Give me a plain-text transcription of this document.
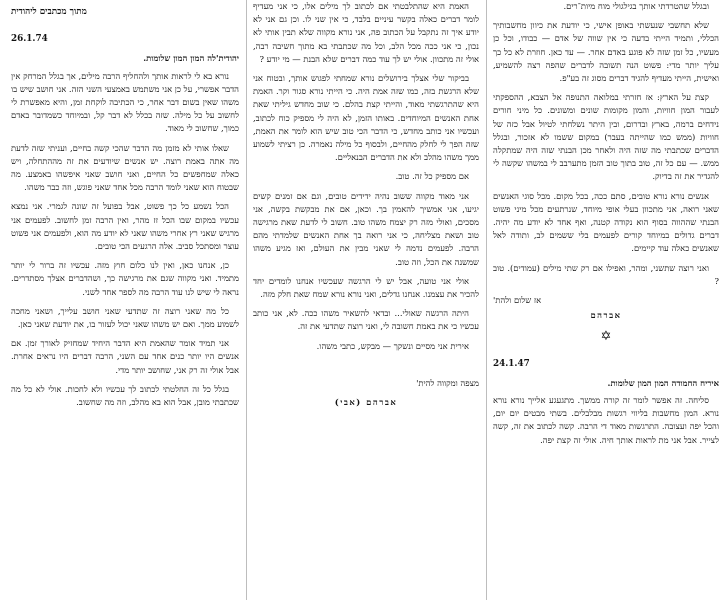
ובגלל שהטרדתי אותך בגילגולי מוח מיות־רים.

שלא תחשבי שנעשתי באופן אישי, כי יודעת את כיוון מחשבותיך הכללי, ותמיד הייתי בדעה כי אין שווה של אדם — כבודו, וכל כן מעשיו, כל זמן שזה לא פוגע באדם אחר. — עד כאן. חוזרת לא כל כך עליך יותר מדי: פשוט הנה תשובה לדברים שהפה רצה להשמיע, ואישית, הייתי מעדיף להגיד דברים מסוג זה בע"פ.

קצת על הארץ: אז חזרתי במלואה התנופה אל הצבא, ההספקתי לעבור המון חוויות, והמון מקומות שונים ומשונים. כל מיני חורים נידחים ברמה, בארץ ובדרום, ובין היתר נשלחתי לטיול אבל כזה של חוויות (ממש כמו שהייתה בעבר) במקום ששמו לא אזכור, ובגלל הדברים שכתבתי מה שזה היה ולאחר מכן הבנתי שזה היה שמתקלה ממש. — עם כל זה, טוב בתוך טוב הזמן מתערבב לי במשהו שקשה לי להגדיר את זה בדיוק.

אנשים נורא נורא טובים, סתם ככה, בכל מקום. מכל סוגי האנשים שאני רואה, אני מתכוון בעלי אופי מיוחד, שנרתעים מכל מיני פשוט הבנתי שההווה בסוף הוא נקודה קטנה, ואף אחד לא יודע מה יהיה. דברים גדולים במיוחד קורים לפעמים בלי ששמים לב, ותודה לאל שאנשים כאלה עוד קיימים.

ואני רוצה שתשני, ומהר, ואפילו אם רק שתי מילים (עמודים). טוב ?

אז שלום ולהת'

אברהם
✡
24.1.47

איריח החמודה המון המון שלומות.

סליחה. זה אפשר לומר זה קורה ממשך. מתגעגע אלייך נורא נורא נורא. המון מחשבות בליווי רגשות מבלבלים. בשתי מבטים יום יום, והכל יפה ועצובה. התרגשות מאוד די הרבה. קשה לכתוב את זה, קשה לצייר. אבל אני מת לראות אותך חיה. אולי זה קצת יפה.

האמת היא שהתלבטתי אם לכתוב לך מילים אלו, כי אני מעדיף לומר דברים כאלה בקשר עיניים בלבד, כי אין שני לו. וכן גם אני לא יודע איך זה נתקבל על הכתוב פה, אני נורא מקווה שלא תבין אותי לא נכון, כי אני ככה מכל הלב, וכל מה שכתבתי בא מתוך חשיבה רבה, אולי זה מתכוון. אולי יש לך עוד כמה דברים שלא הבנת — מי יודע ?

בביקור שלי אצלך בירושלים נורא שמחתי לפגוש אותך, ובטוח אני שלא הרגשת בזה, כמו שזה אמת היה. כי הייתי נורא סגור וקר. האמת היא שהתרגשתי מאוד, והייתי קצת בהלם. כי שוב מחדש גיליתי שאת אחת האנשים המיוחדים. באותו הזמן, לא היה לי מספיק כוח לכתוב, ועכשיו אני כותב מחדש, כי הדבר הכי טוב שיש הוא לומר את האמת, שזה הפך לי לחלק מהחיים, ולבסוף כל מילה נאמרה. כן רציתי לשמוע ממך משהו מהלב ולא את הדברים הבנאליים.

אם מספיק כל זה. טוב.

אני מאוד מקווה ששוב נהיה ידידים טובים, וגם אם זמנים קשים יגיעו, אני אמשיך להאמין בך. וכאן, אם את מבקשת בקשה, אני מסכים, ואולי מזה רק יצמח משהו טוב. חשוב לי לדעת שאת מרגישה טוב ושאת מצליחה, כי אני רואה בך אחת האנשים שלמדתי מהם הרבה. לפעמים נדמה לי שאני מבין את העולם, ואז מגיע משהו שמשנה את הכל, וזה טוב.

אולי אני טועה, אבל יש לי הרגשה שעכשיו אנחנו לומדים יחד להכיר את עצמנו. אנחנו גדלים, ואני נורא נורא שמח שאת חלק מזה.

היתה הרגשה שאולי... ובדאי להשאיר משהו ככה. לא, אני כותב עכשיו כי את באמת חשובה לי, ואני רוצה שתדעי את זה.

אירית אני מסיים ונשקך — מבקש, כתבי משהו.

מצפה ומקווה להית'

אברהם (אבי)
מתוך מכתבים ליהודית
26.1.74

יהודית'לה המון המון שלומות.

נורא בא לי לראות אותך ולהחליף הרבה מילים, אך בגלל המרחק אין הדבר אפשרי, על כן אני משתמש באמצעי השני הזה. אני חושב שיש בו משהו שאין בשום דבר אחר, כי הכתיבה לוקחת זמן, והיא מאפשרת לי לחשוב על כל מילה. שזה בכלל לא דבר קל, ובמיוחד כשמדובר באדם כמוך, שחשוב לי מאוד.

שאלו אותי לא מזמן מה הדבר שהכי קשה בחיים, ועניתי שזה לדעת מה אתה באמת רוצה. יש אנשים שיודעים את זה מההתחלה, ויש כאלה שמחפשים כל החיים, ואני חושב שאני איפשהו באמצע. מה שבטוח הוא שאני לומד הרבה מכל אחד שאני פוגש, וזה כבר משהו.

הכל נשמע כל כך פשוט, אבל בפועל זה שונה לגמרי. אני נמצא עכשיו במקום שבו הכל זז מהר, ואין הרבה זמן לחשוב. לפעמים אני מרגיש שאני רץ אחרי משהו שאני לא יודע מה הוא, ולפעמים אני פשוט עוצר ומסתכל סביב. אלה הרגעים הכי טובים.

כן, אנחנו כאן, ואין לנו כלום חוץ מזה. עכשיו זה ברור לי יותר מתמיד. ואני מקווה שגם את מרגישה כך, ושהדברים אצלך מסתדרים. נראה לי שיש לנו עוד הרבה מה לספר אחד לשני.

כל מה שאני רוצה זה שתדעי שאני חושב עלייך, ושאני מחכה לשמוע ממך. ואם יש משהו שאני יכול לעזור בו, את יודעת שאני כאן.

אני תמיד אומר שהאמת היא הדבר היחיד שמחזיק לאורך זמן. אם אנשים היו יותר כנים אחד עם השני, הרבה דברים היו נראים אחרת. אבל אולי זה רק אני, שחושב יותר מדי.

בגלל כל זה החלטתי לכתוב לך עכשיו ולא לחכות. אולי לא כל מה שכתבתי מובן, אבל הוא בא מהלב, וזה מה שחשוב.
